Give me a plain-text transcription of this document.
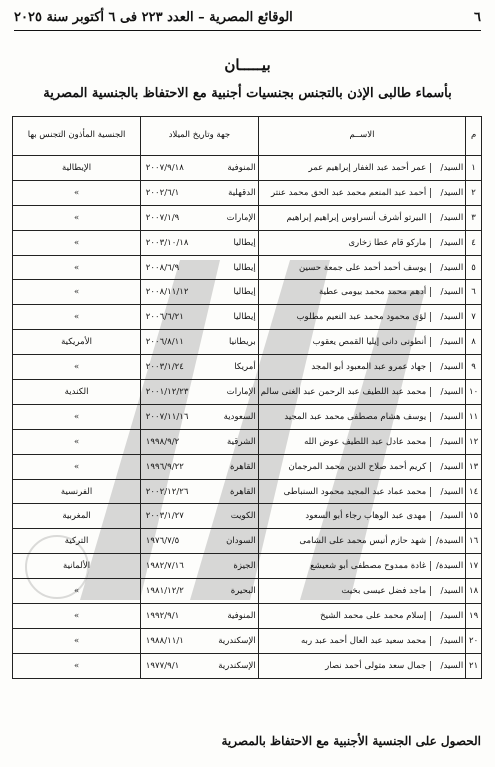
٦
الوقائع المصرية – العدد ٢٢٣ فى ٦ أكتوبر سنة ٢٠٢٥
بيـــــان
بأسماء طالبى الإذن بالتجنس بجنسيات أجنبية مع الاحتفاظ بالجنسية المصرية
م	الاســم	جهة وتاريخ الميلاد	الجنسية المأذون التجنس بها
١	السيد/عمر أحمد عبد الغفار إبراهيم عمر	المنوفية٢٠٠٧/٩/١٨	الإيطالية
٢	السيد/أحمد عبد المنعم محمد عبد الحق محمد عنتر	الدقهلية٢٠٠٢/٦/١	»
٣	السيد/البيرتو أشرف أنسراوس إبراهيم إبراهيم	الإمارات٢٠٠٧/١/٩	»
٤	السيد/ماركو قام عطا زخارى	إيطاليا٢٠٠٣/١٠/١٨	»
٥	السيد/يوسف أحمد أحمد على جمعة حسين	إيطاليا٢٠٠٨/٦/٩	»
٦	السيد/أدهم محمد محمد بيومى عطية	إيطاليا٢٠٠٨/١١/١٢	»
٧	السيد/لؤى محمود محمد عبد النعيم مطلوب	إيطاليا٢٠٠٦/٦/٢١	»
٨	السيد/أنطونى دانى إيليا القمص يعقوب	بريطانيا٢٠٠٦/٨/١١	الأمريكية
٩	السيد/جهاد عمرو عبد المعبود أبو المجد	أمريكا٢٠٠٣/١/٢٤	»
١٠	السيد/محمد عبد اللطيف عبد الرحمن عبد الغنى سالم	الإمارات٢٠٠١/١٢/٢٣	الكندية
١١	السيد/يوسف هشام مصطفى محمد عبد المجيد	السعودية٢٠٠٧/١١/١٦	»
١٢	السيد/محمد عادل عبد اللطيف عوض الله	الشرقية١٩٩٨/٩/٢	»
١٣	السيد/كريم أحمد صلاح الدين محمد المرجمان	القاهرة١٩٩٦/٩/٢٢	»
١٤	السيد/محمد عماد عبد المجيد محمود السنباطى	القاهرة٢٠٠٢/١٢/٢٦	الفرنسية
١٥	السيد/مهدى عبد الوهاب رجاء أبو السعود	الكويت٢٠٠٣/١/٢٧	المغربية
١٦	السيدة/شهد حازم أنيس محمد على الشامى	السودان١٩٧٦/٧/٥	التركية
١٧	السيدة/غادة ممدوح مصطفى أبو شعيشع	الجيزة١٩٨٢/٧/١٦	الألمانية
١٨	السيد/ماجد فضل عيسى بخيت	البحيرة١٩٨١/١٢/٢	»
١٩	السيد/إسلام محمد على محمد الشيخ	المنوفية١٩٩٢/٩/١	»
٢٠	السيد/محمد سعيد عبد العال أحمد عبد ربه	الإسكندرية١٩٨٨/١١/١	»
٢١	السيد/جمال سعد متولى أحمد نصار	الإسكندرية١٩٧٧/٩/١	»
الحصول على الجنسية الأجنبية مع الاحتفاظ بالمصرية
